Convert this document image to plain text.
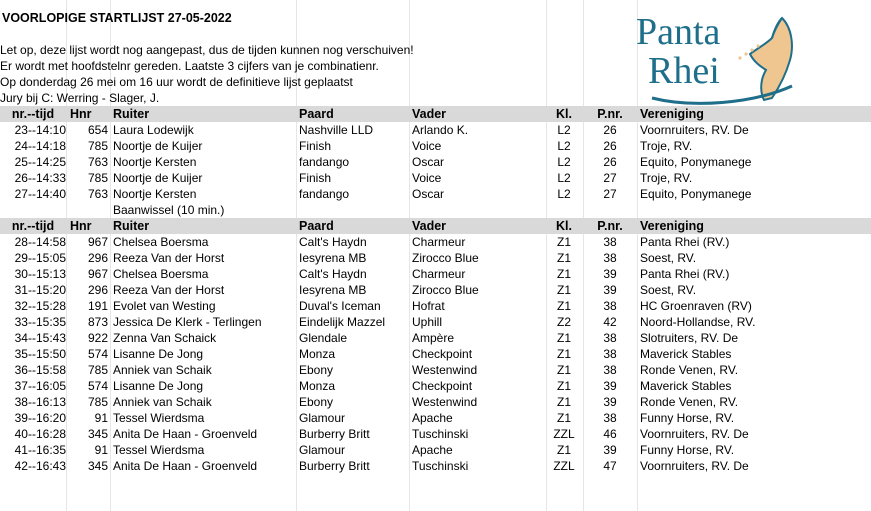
VOORLOPIGE STARTLIJST 27-05-2022
Let op, deze lijst wordt nog aangepast, dus de tijden kunnen nog verschuiven!
Er wordt met hoofdstelnr gereden. Laatste 3 cijfers van je combinatienr.
Op donderdag 26 mei om 16 uur wordt de definitieve lijst geplaatst
Jury bij C: Werring - Slager, J.
Panta
Rhei
nr.--tijd	Hnr	Ruiter	Paard	Vader	Kl.	P.nr.	Vereniging
23--14:10	654 Laura Lodewijk	Nashville LLD	Arlando K.	L2	26	Voornruiters, RV. De
24--14:18	785 Noortje de Kuijer	Finish	Voice	L2	26	Troje, RV.
25--14:25	763 Noortje Kersten	fandango	Oscar	L2	26	Equito, Ponymanege
26--14:33	785 Noortje de Kuijer	Finish	Voice	L2	27	Troje, RV.
27--14:40	763 Noortje Kersten	fandango	Oscar	L2	27	Equito, Ponymanege
Baanwissel (10 min.)
nr.--tijd	Hnr	Ruiter	Paard	Vader	Kl.	P.nr.	Vereniging
28--14:58	967 Chelsea Boersma	Calt's Haydn	Charmeur	Z1	38	Panta Rhei (RV.)
29--15:05	296 Reeza Van der Horst	Iesyrena MB	Zirocco Blue	Z1	38	Soest, RV.
30--15:13	967 Chelsea Boersma	Calt's Haydn	Charmeur	Z1	39	Panta Rhei (RV.)
31--15:20	296 Reeza Van der Horst	Iesyrena MB	Zirocco Blue	Z1	39	Soest, RV.
32--15:28	191 Evolet van Westing	Duval's Iceman	Hofrat	Z1	38	HC Groenraven (RV)
33--15:35	873 Jessica De Klerk - Terlingen	Eindelijk Mazzel	Uphill	Z2	42	Noord-Hollandse, RV.
34--15:43	922 Zenna Van Schaick	Glendale	Ampère	Z1	38	Slotruiters, RV. De
35--15:50	574 Lisanne De Jong	Monza	Checkpoint	Z1	38	Maverick Stables
36--15:58	785 Anniek van Schaik	Ebony	Westenwind	Z1	38	Ronde Venen, RV.
37--16:05	574 Lisanne De Jong	Monza	Checkpoint	Z1	39	Maverick Stables
38--16:13	785 Anniek van Schaik	Ebony	Westenwind	Z1	39	Ronde Venen, RV.
39--16:20	91 Tessel Wierdsma	Glamour	Apache	Z1	38	Funny Horse, RV.
40--16:28	345 Anita De Haan - Groenveld	Burberry Britt	Tuschinski	ZZL	46	Voornruiters, RV. De
41--16:35	91 Tessel Wierdsma	Glamour	Apache	Z1	39	Funny Horse, RV.
42--16:43	345 Anita De Haan - Groenveld	Burberry Britt	Tuschinski	ZZL	47	Voornruiters, RV. De
